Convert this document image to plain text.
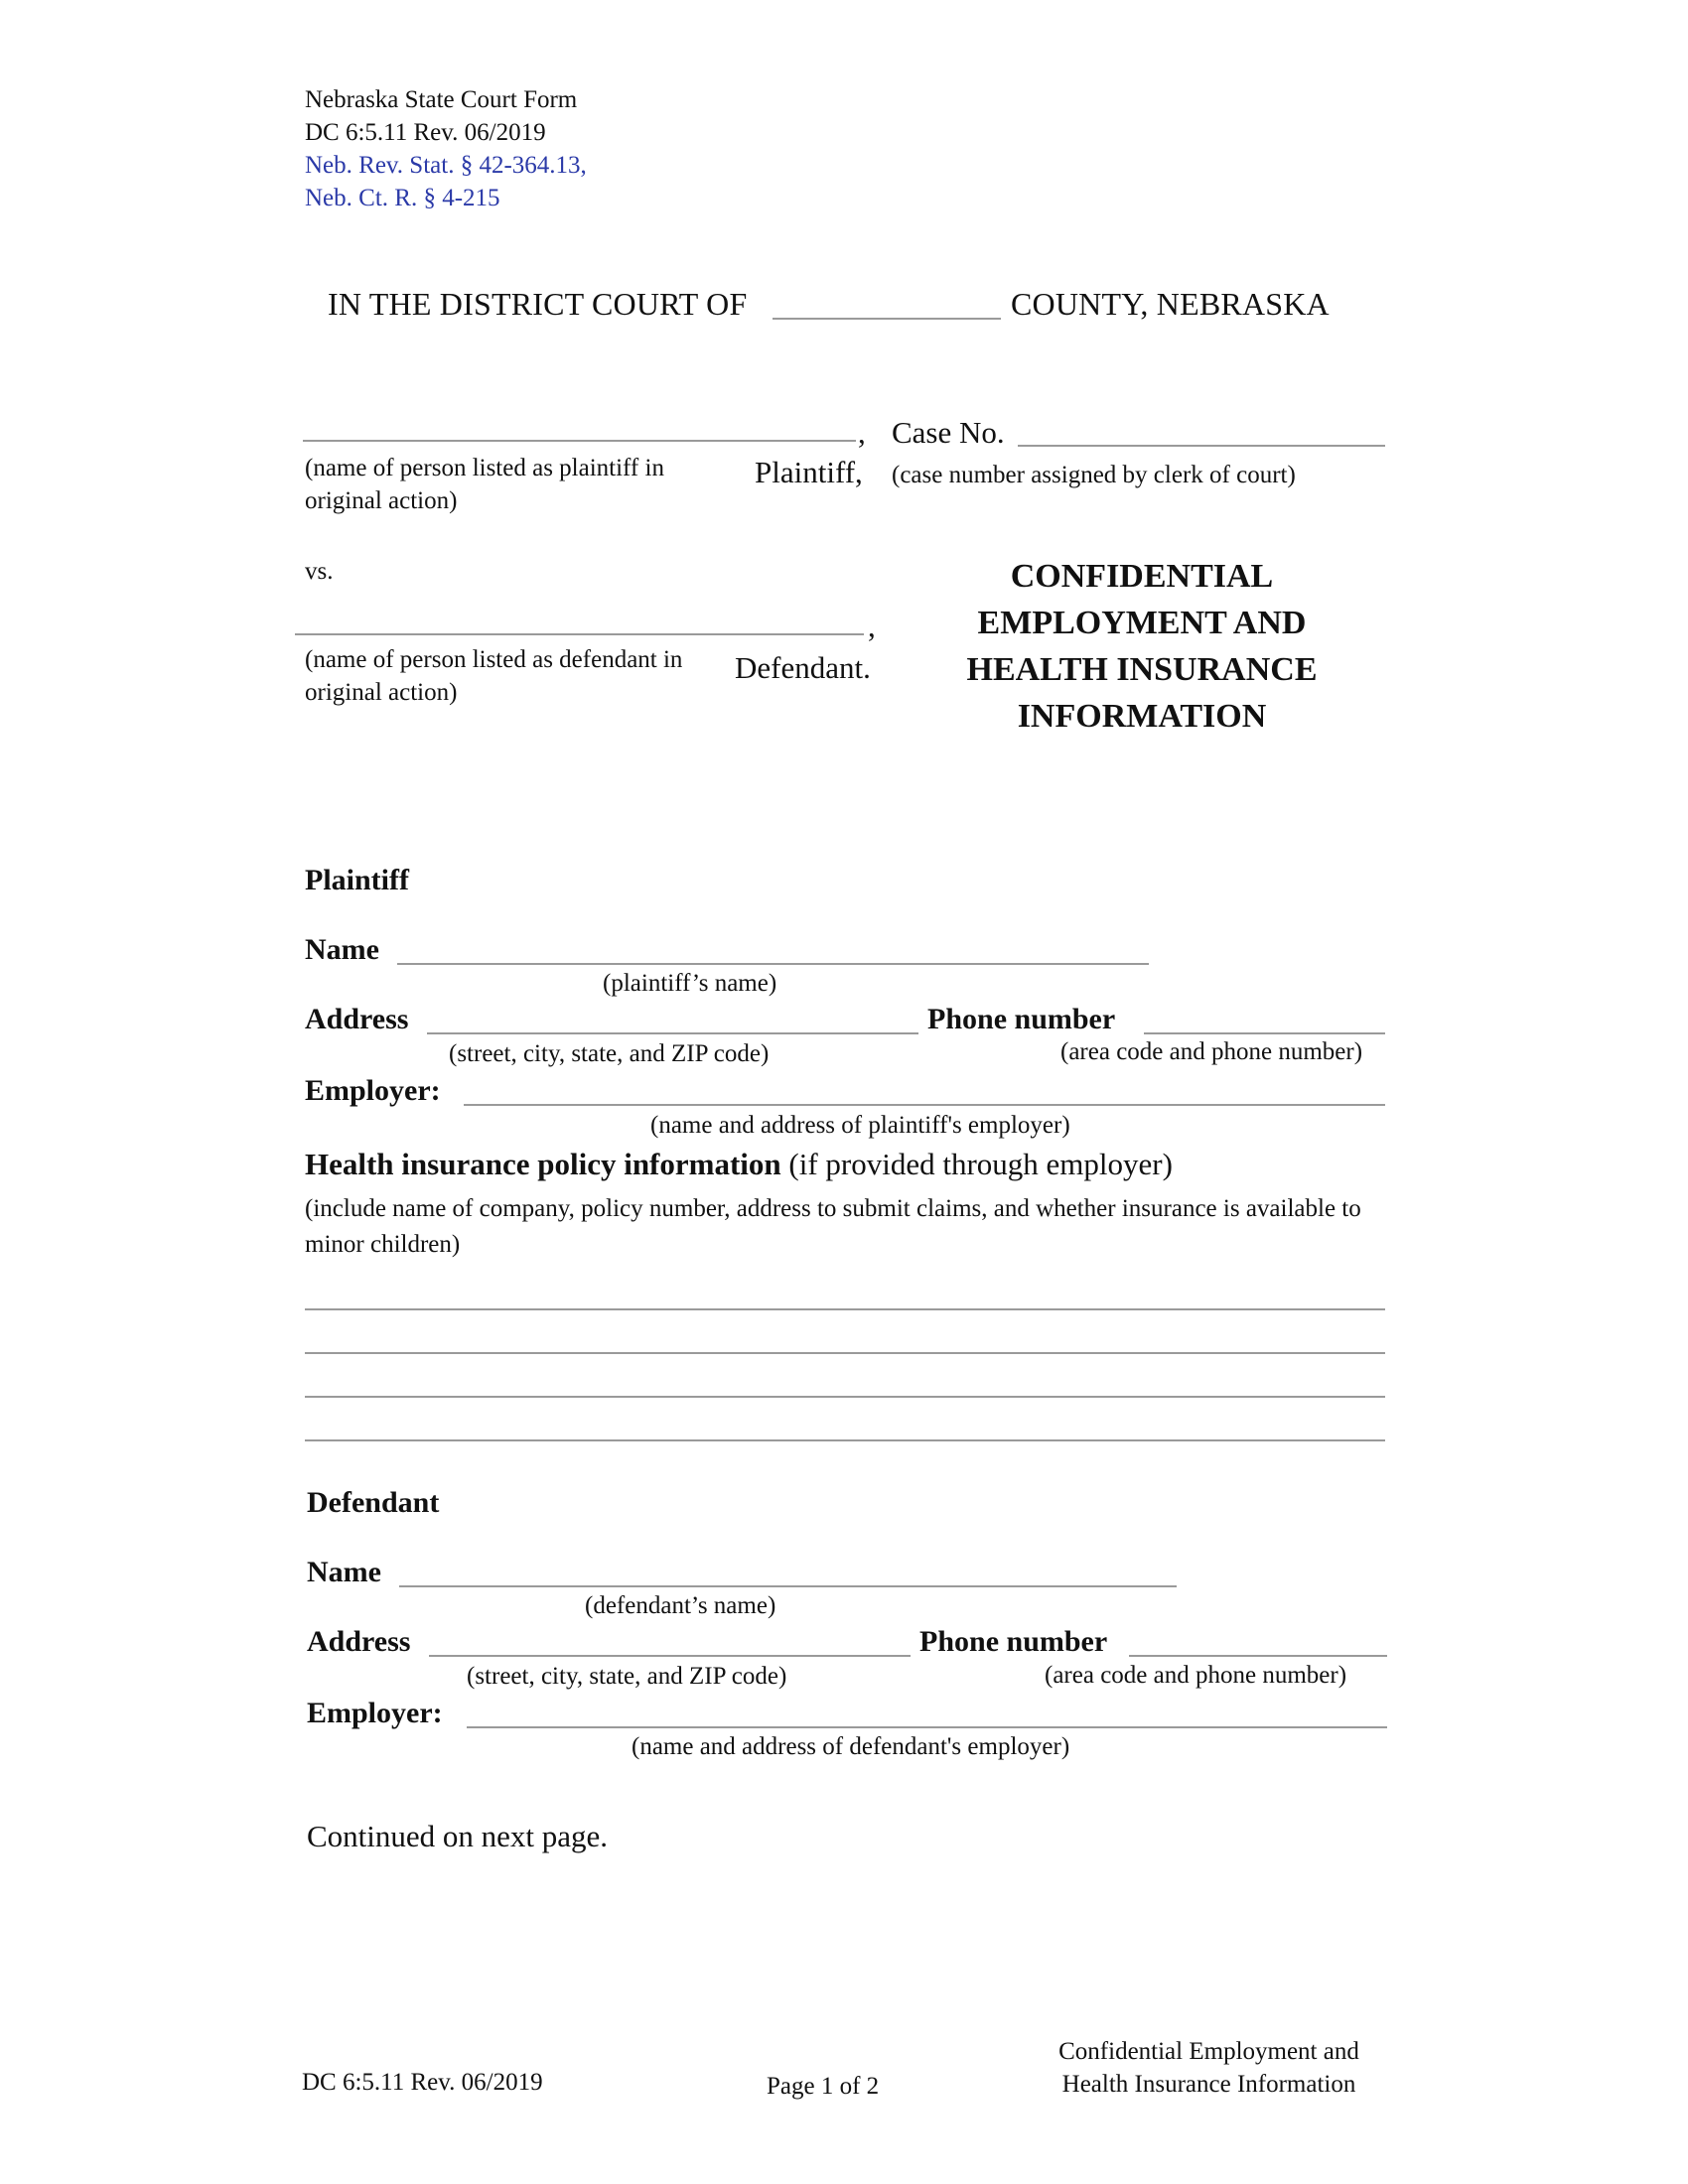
Nebraska State Court Form
DC 6:5.11 Rev. 06/2019
Neb. Rev. Stat. § 42-364.13,
Neb. Ct. R. § 4-215
IN THE DISTRICT COURT OF	COUNTY, NEBRASKA
,
(name of person listed as plaintiff in original action)
Plaintiff,
Case No.
(case number assigned by clerk of court)
vs.
,
(name of person listed as defendant in original action)
Defendant.
CONFIDENTIAL
EMPLOYMENT AND
HEALTH INSURANCE
INFORMATION
Plaintiff
Name
(plaintiff’s name)
Address
(street, city, state, and ZIP code)
Phone number
(area code and phone number)
Employer:
(name and address of plaintiff's employer)
Health insurance policy information (if provided through employer)
(include name of company, policy number, address to submit claims, and whether insurance is available to minor children)
Defendant
Name
(defendant’s name)
Address
(street, city, state, and ZIP code)
Phone number
(area code and phone number)
Employer:
(name and address of defendant's employer)
Continued on next page.
DC 6:5.11 Rev. 06/2019	Page 1 of 2
Confidential Employment and
Health Insurance Information
